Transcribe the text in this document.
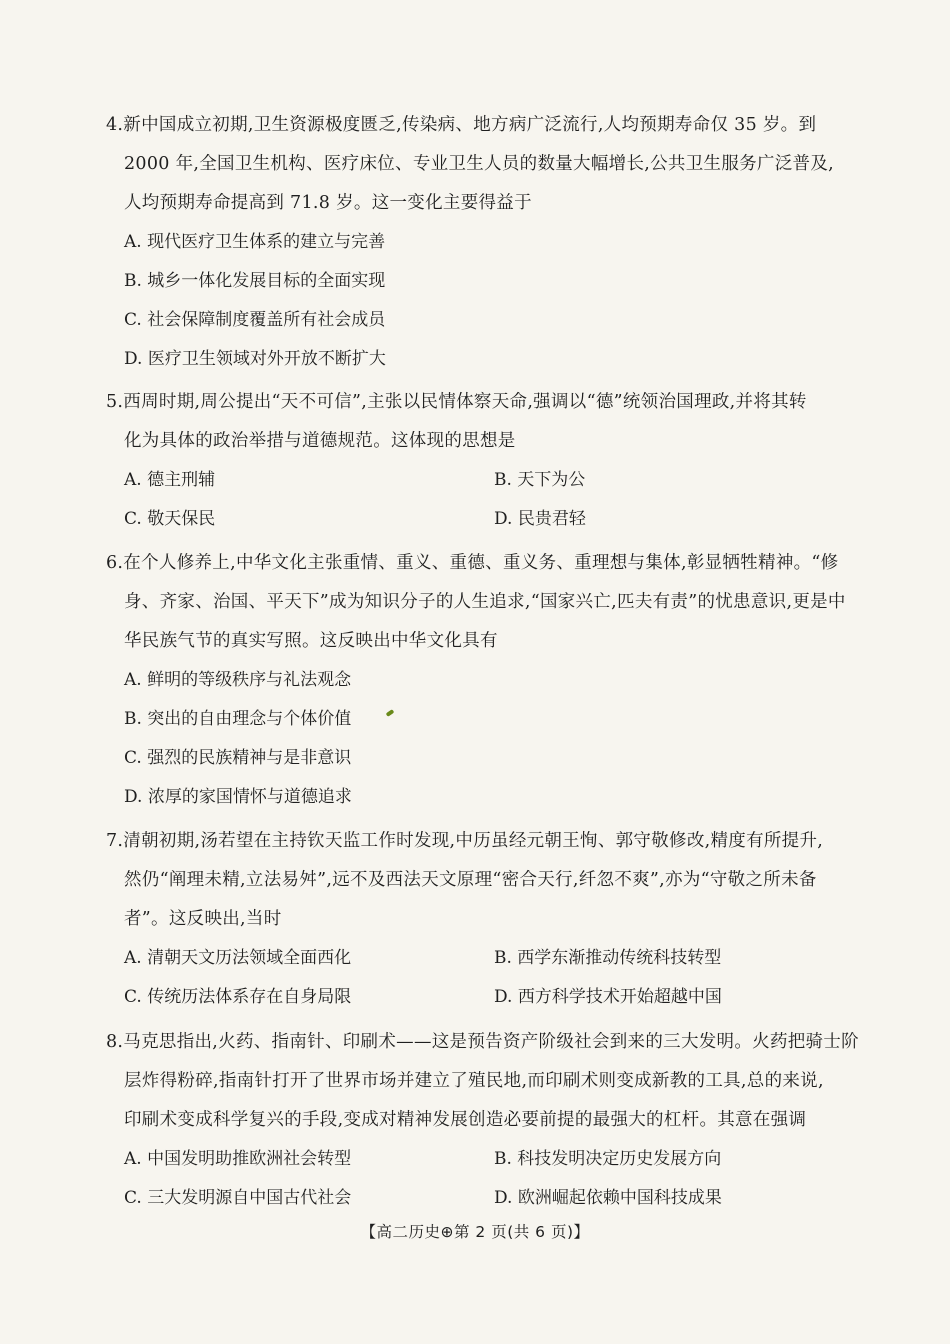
4.新中国成立初期,卫生资源极度匮乏,传染病、地方病广泛流行,人均预期寿命仅 35 岁。到
2000 年,全国卫生机构、医疗床位、专业卫生人员的数量大幅增长,公共卫生服务广泛普及,
人均预期寿命提高到 71.8 岁。这一变化主要得益于
A. 现代医疗卫生体系的建立与完善
B. 城乡一体化发展目标的全面实现
C. 社会保障制度覆盖所有社会成员
D. 医疗卫生领域对外开放不断扩大
5.西周时期,周公提出“天不可信”,主张以民情体察天命,强调以“德”统领治国理政,并将其转
化为具体的政治举措与道德规范。这体现的思想是
A. 德主刑辅	B. 天下为公
C. 敬天保民	D. 民贵君轻
6.在个人修养上,中华文化主张重情、重义、重德、重义务、重理想与集体,彰显牺牲精神。“修
身、齐家、治国、平天下”成为知识分子的人生追求,“国家兴亡,匹夫有责”的忧患意识,更是中
华民族气节的真实写照。这反映出中华文化具有
A. 鲜明的等级秩序与礼法观念
B. 突出的自由理念与个体价值
C. 强烈的民族精神与是非意识
D. 浓厚的家国情怀与道德追求
7.清朝初期,汤若望在主持钦天监工作时发现,中历虽经元朝王恂、郭守敬修改,精度有所提升,
然仍“阐理未精,立法易舛”,远不及西法天文原理“密合天行,纤忽不爽”,亦为“守敬之所未备
者”。这反映出,当时
A. 清朝天文历法领域全面西化	B. 西学东渐推动传统科技转型
C. 传统历法体系存在自身局限	D. 西方科学技术开始超越中国
8.马克思指出,火药、指南针、印刷术——这是预告资产阶级社会到来的三大发明。火药把骑士阶
层炸得粉碎,指南针打开了世界市场并建立了殖民地,而印刷术则变成新教的工具,总的来说,
印刷术变成科学复兴的手段,变成对精神发展创造必要前提的最强大的杠杆。其意在强调
A. 中国发明助推欧洲社会转型	B. 科技发明决定历史发展方向
C. 三大发明源自中国古代社会	D. 欧洲崛起依赖中国科技成果
【高二历史⊕第 2 页(共 6 页)】
